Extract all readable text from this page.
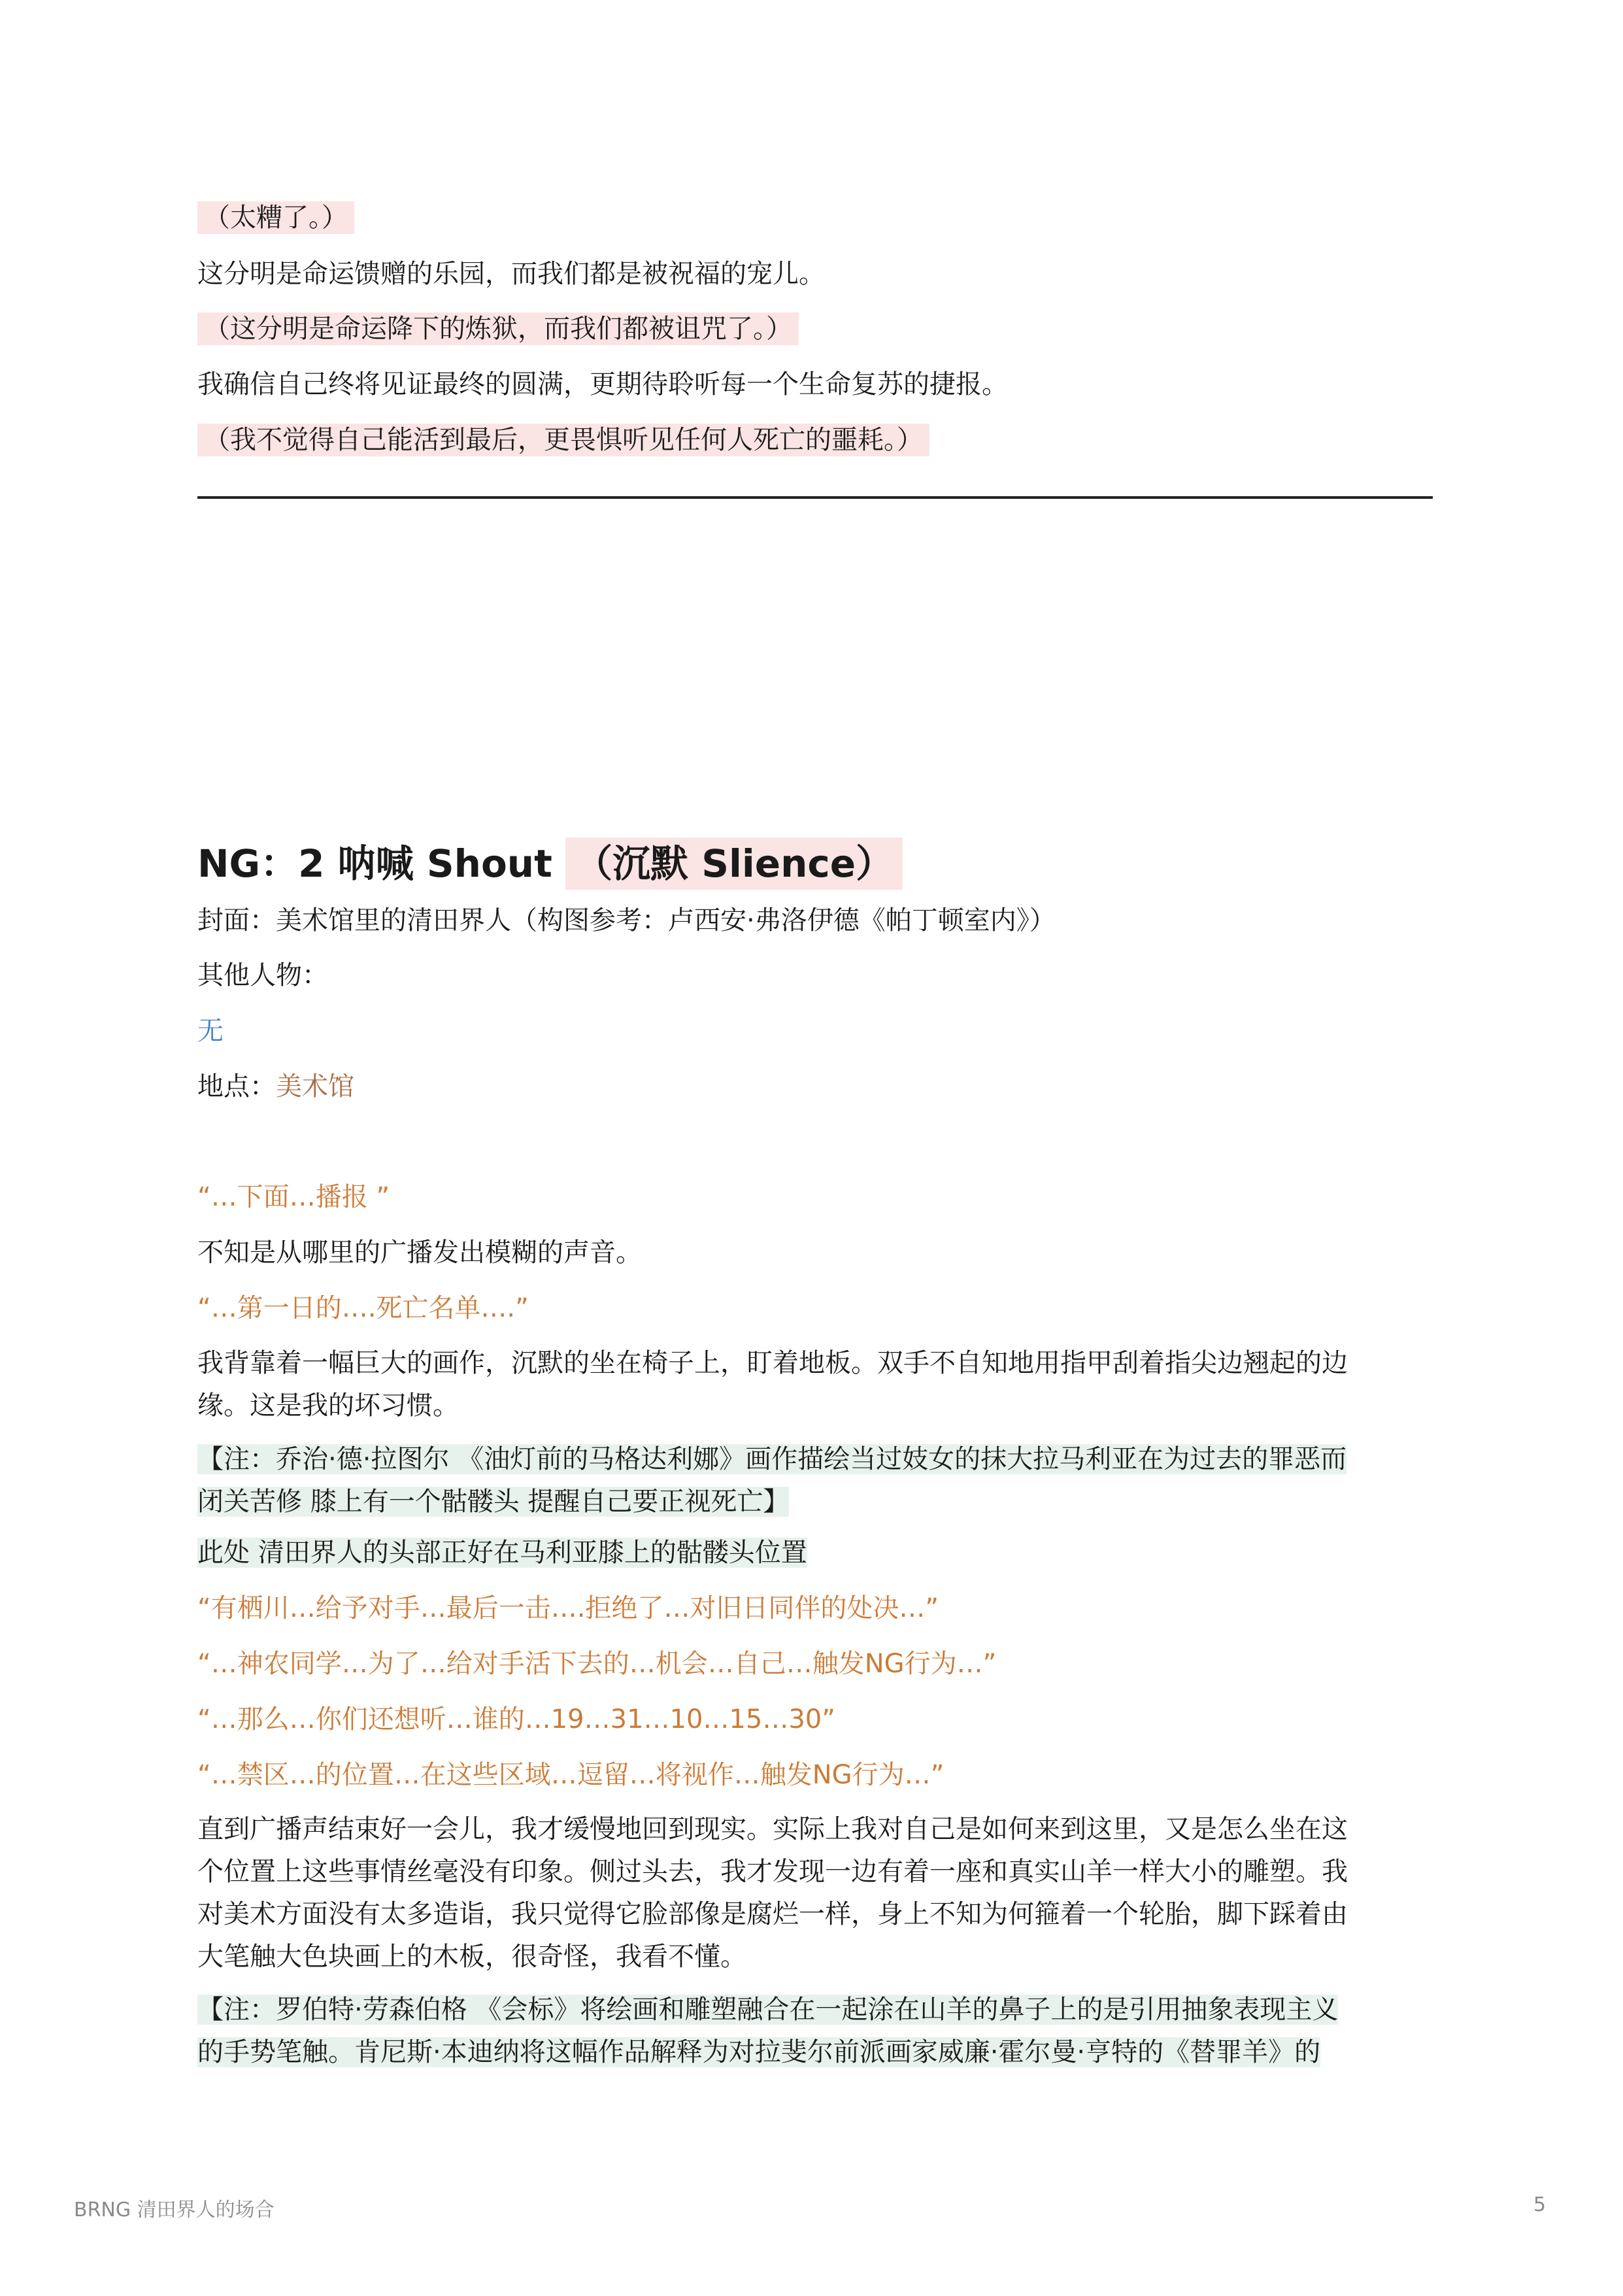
（太糟了。）
这分明是命运馈赠的乐园，而我们都是被祝福的宠儿。
（这分明是命运降下的炼狱，而我们都被诅咒了。）
我确信自己终将见证最终的圆满，更期待聆听每一个生命复苏的捷报。
（我不觉得自己能活到最后，更畏惧听见任何人死亡的噩耗。）
NG：2 呐喊 Shout （沉默 Slience）
封面：美术馆里的清田界人（构图参考：卢西安·弗洛伊德《帕丁顿室内》）
其他人物：
无
地点：美术馆
“…下面…播报 ”
不知是从哪里的广播发出模糊的声音。
“…第一日的….死亡名单….”
我背靠着一幅巨大的画作，沉默的坐在椅子上，盯着地板。双手不自知地用指甲刮着指尖边翘起的边
缘。这是我的坏习惯。
【注：乔治·德·拉图尔 《油灯前的马格达利娜》画作描绘当过妓女的抹大拉马利亚在为过去的罪恶而
闭关苦修 膝上有一个骷髅头 提醒自己要正视死亡】
此处 清田界人的头部正好在马利亚膝上的骷髅头位置
“有栖川…给予对手…最后一击….拒绝了…对旧日同伴的处决…”
“…神农同学…为了…给对手活下去的…机会…自己…触发NG行为…”
“…那么…你们还想听…谁的…19…31…10…15…30”
“…禁区…的位置…在这些区域…逗留…将视作…触发NG行为…”
直到广播声结束好一会儿，我才缓慢地回到现实。实际上我对自己是如何来到这里，又是怎么坐在这
个位置上这些事情丝毫没有印象。侧过头去，我才发现一边有着一座和真实山羊一样大小的雕塑。我
对美术方面没有太多造诣，我只觉得它脸部像是腐烂一样，身上不知为何箍着一个轮胎，脚下踩着由
大笔触大色块画上的木板，很奇怪，我看不懂。
【注：罗伯特·劳森伯格 《会标》将绘画和雕塑融合在一起涂在山羊的鼻子上的是引用抽象表现主义
的手势笔触。肯尼斯·本迪纳将这幅作品解释为对拉斐尔前派画家威廉·霍尔曼·亨特的《替罪羊》的
BRNG 清田界人的场合	5
